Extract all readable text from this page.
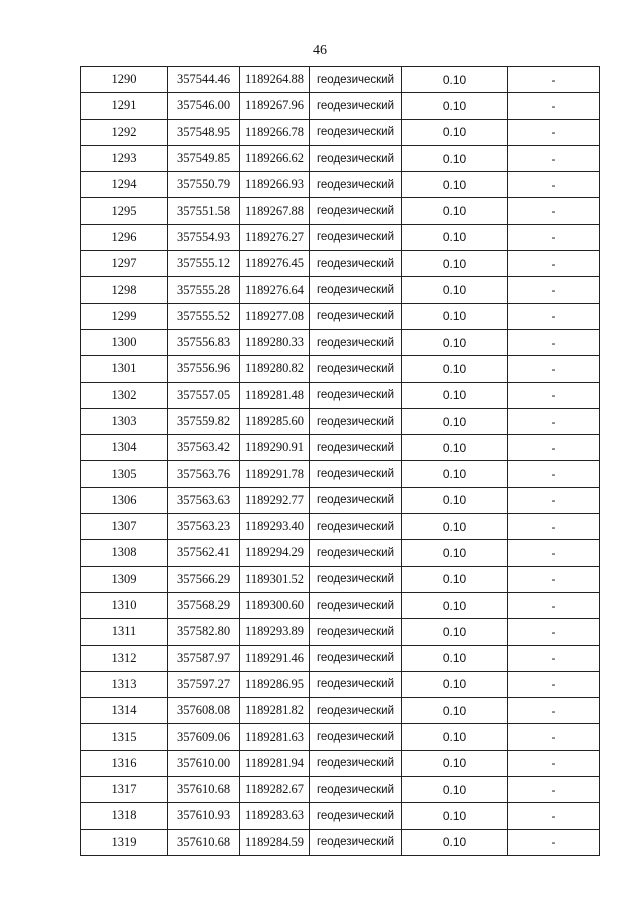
46
1290	357544.46	1189264.88	геодезический	0.10	-
1291	357546.00	1189267.96	геодезический	0.10	-
1292	357548.95	1189266.78	геодезический	0.10	-
1293	357549.85	1189266.62	геодезический	0.10	-
1294	357550.79	1189266.93	геодезический	0.10	-
1295	357551.58	1189267.88	геодезический	0.10	-
1296	357554.93	1189276.27	геодезический	0.10	-
1297	357555.12	1189276.45	геодезический	0.10	-
1298	357555.28	1189276.64	геодезический	0.10	-
1299	357555.52	1189277.08	геодезический	0.10	-
1300	357556.83	1189280.33	геодезический	0.10	-
1301	357556.96	1189280.82	геодезический	0.10	-
1302	357557.05	1189281.48	геодезический	0.10	-
1303	357559.82	1189285.60	геодезический	0.10	-
1304	357563.42	1189290.91	геодезический	0.10	-
1305	357563.76	1189291.78	геодезический	0.10	-
1306	357563.63	1189292.77	геодезический	0.10	-
1307	357563.23	1189293.40	геодезический	0.10	-
1308	357562.41	1189294.29	геодезический	0.10	-
1309	357566.29	1189301.52	геодезический	0.10	-
1310	357568.29	1189300.60	геодезический	0.10	-
1311	357582.80	1189293.89	геодезический	0.10	-
1312	357587.97	1189291.46	геодезический	0.10	-
1313	357597.27	1189286.95	геодезический	0.10	-
1314	357608.08	1189281.82	геодезический	0.10	-
1315	357609.06	1189281.63	геодезический	0.10	-
1316	357610.00	1189281.94	геодезический	0.10	-
1317	357610.68	1189282.67	геодезический	0.10	-
1318	357610.93	1189283.63	геодезический	0.10	-
1319	357610.68	1189284.59	геодезический	0.10	-
